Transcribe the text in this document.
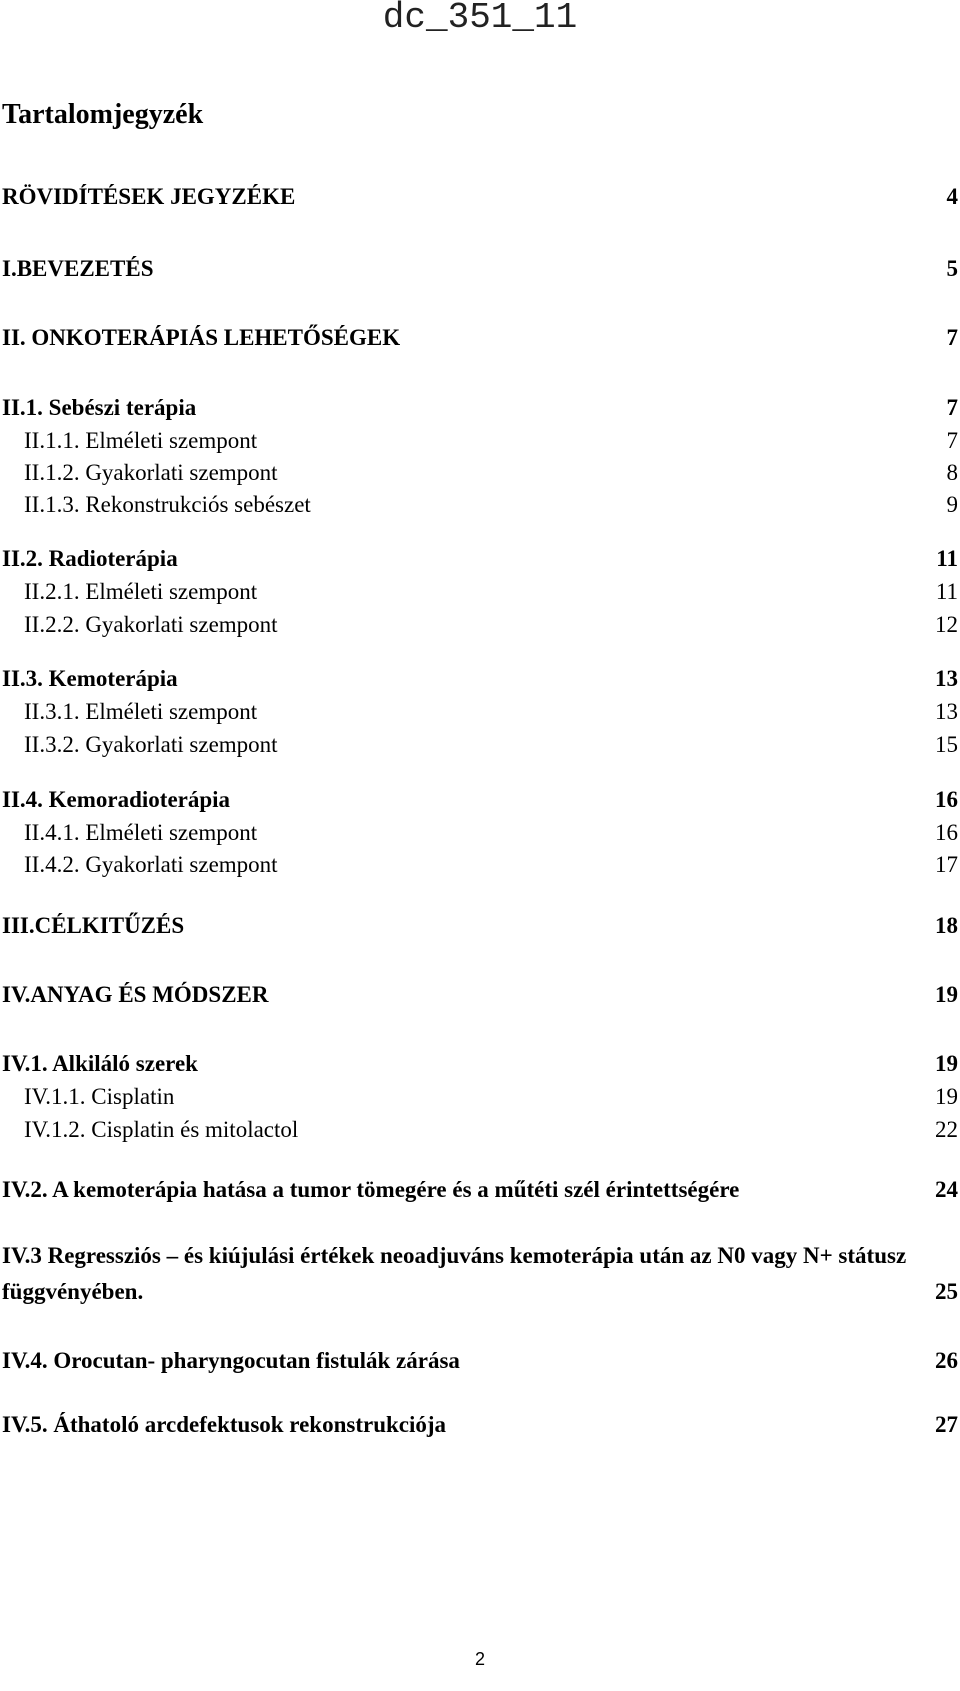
dc_351_11
Tartalomjegyzék
RÖVIDÍTÉSEK JEGYZÉKE	4
I.BEVEZETÉS	5
II. ONKOTERÁPIÁS LEHETŐSÉGEK	7
II.1. Sebészi terápia	7
II.1.1. Elméleti szempont	7
II.1.2. Gyakorlati szempont	8
II.1.3. Rekonstrukciós sebészet	9
II.2. Radioterápia	11
II.2.1. Elméleti szempont	11
II.2.2. Gyakorlati szempont	12
II.3. Kemoterápia	13
II.3.1. Elméleti szempont	13
II.3.2. Gyakorlati szempont	15
II.4. Kemoradioterápia	16
II.4.1. Elméleti szempont	16
II.4.2. Gyakorlati szempont	17
III.CÉLKITŰZÉS	18
IV.ANYAG ÉS MÓDSZER	19
IV.1. Alkiláló szerek	19
IV.1.1. Cisplatin	19
IV.1.2. Cisplatin és mitolactol	22
IV.2. A kemoterápia hatása a tumor tömegére és a műtéti szél érintettségére	24
IV.3 Regressziós – és kiújulási értékek neoadjuváns kemoterápia után az N0 vagy N+ státusz függvényében.	25
IV.4. Orocutan- pharyngocutan fistulák zárása	26
IV.5. Áthatoló arcdefektusok rekonstrukciója	27
2
